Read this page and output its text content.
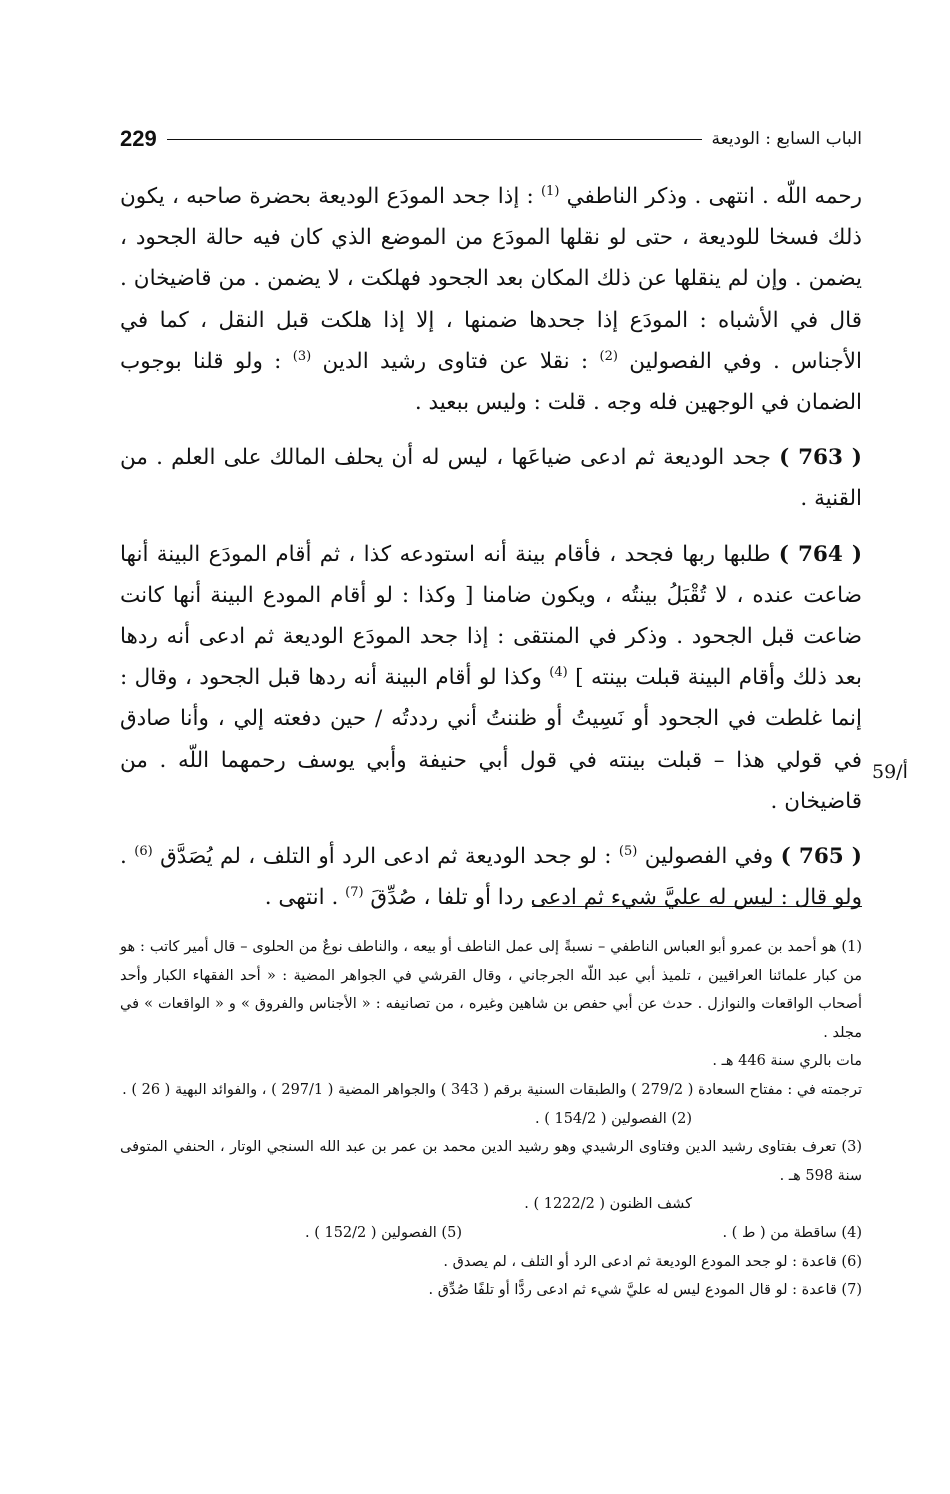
229	الباب السابع : الوديعة
59/أ

رحمه اللّه . انتهى . وذكر الناطفي $^{(1)}$ : إذا جحد المودَع الوديعة بحضرة صاحبه ، يكون ذلك فسخا للوديعة ، حتى لو نقلها المودَع من الموضع الذي كان فيه حالة الجحود ، يضمن . وإن لم ينقلها عن ذلك المكان بعد الجحود فهلكت ، لا يضمن . من قاضيخان . قال في الأشباه : المودَع إذا جحدها ضمنها ، إلا إذا هلكت قبل النقل ، كما في الأجناس . وفي الفصولين $^{(2)}$ : نقلا عن فتاوى رشيد الدين $^{(3)}$ : ولو قلنا بوجوب الضمان في الوجهين فله وجه . قلت : وليس ببعيد .

( 763 ) جحد الوديعة ثم ادعى ضياعَها ، ليس له أن يحلف المالك على العلم . من القنية .

( 764 ) طلبها ربها فجحد ، فأقام بينة أنه استودعه كذا ، ثم أقام المودَع البينة أنها ضاعت عنده ، لا تُقْبَلُ بينتُه ، ويكون ضامنا [ وكذا : لو أقام المودع البينة أنها كانت ضاعت قبل الجحود . وذكر في المنتقى : إذا جحد المودَع الوديعة ثم ادعى أنه ردها بعد ذلك وأقام البينة قبلت بينته ] $^{(4)}$ وكذا لو أقام البينة أنه ردها قبل الجحود ، وقال : إنما غلطت في الجحود أو نَسِيتُ أو ظننتُ أني رددتُه / حين دفعته إلي ، وأنا صادق في قولي هذا – قبلت بينته في قول أبي حنيفة وأبي يوسف رحمهما اللّه . من قاضيخان .

( 765 ) وفي الفصولين $^{(5)}$ : لو جحد الوديعة ثم ادعى الرد أو التلف ، لم يُصَدَّق $^{(6)}$ . ولو قال : ليس له عليَّ شيء ثم ادعى ردا أو تلفا ، صُدِّقَ $^{(7)}$ . انتهى .

(1) هو أحمد بن عمرو أبو العباس الناطفي – نسبةً إلى عمل الناطف أو بيعه ، والناطف نوعٌ من الحلوى – قال أمير كاتب : هو من كبار علمائنا العراقيين ، تلميذ أبي عبد اللّه الجرجاني ، وقال القرشي في الجواهر المضية : « أحد الفقهاء الكبار وأحد أصحاب الواقعات والنوازل . حدث عن أبي حفص بن شاهين وغيره ، من تصانيفه : « الأجناس والفروق » و « الواقعات » في مجلد .

مات بالري سنة 446 هـ .

ترجمته في : مفتاح السعادة ( 279/2 ) والطبقات السنية برقم ( 343 ) والجواهر المضية ( 297/1 ) ، والفوائد البهية ( 26 ) .

(2) الفصولين ( 154/2 ) .

(3) تعرف بفتاوى رشيد الدين وفتاوى الرشيدي وهو رشيد الدين محمد بن عمر بن عبد الله السنجي الوتار ، الحنفي المتوفى سنة 598 هـ .

كشف الظنون ( 1222/2 ) .

(4) ساقطة من ( ط ) .

(5) الفصولين ( 152/2 ) .

(6) قاعدة : لو جحد المودع الوديعة ثم ادعى الرد أو التلف ، لم يصدق .

(7) قاعدة : لو قال المودع ليس له عليَّ شيء ثم ادعى ردًّا أو تلفًا صُدِّق .
